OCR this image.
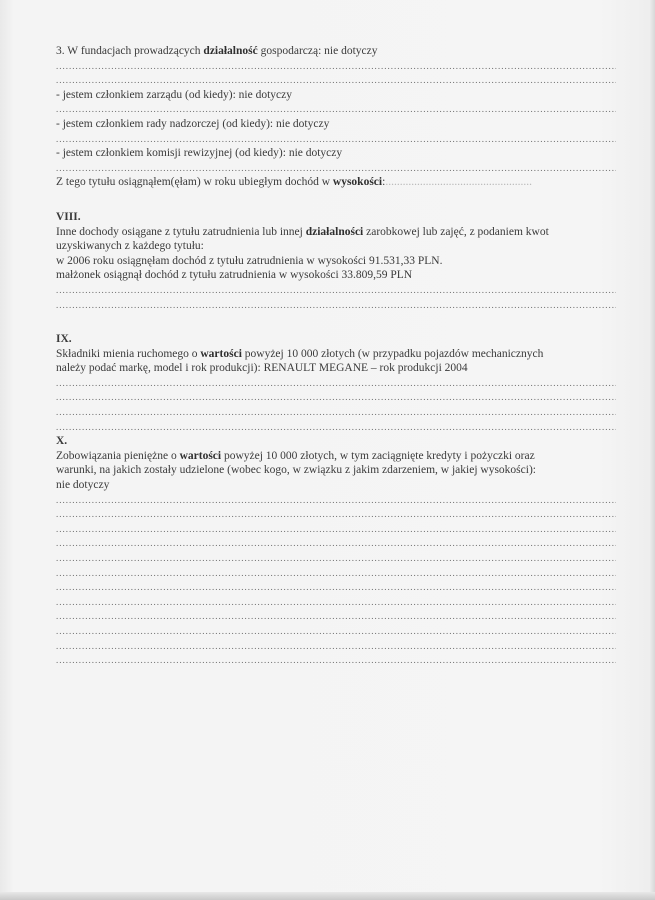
3. W fundacjach prowadzących działalność gospodarczą: nie dotyczy
.....
.....
- jestem członkiem zarządu (od kiedy): nie dotyczy
.....
- jestem członkiem rady nadzorczej (od kiedy): nie dotyczy
.....
- jestem członkiem komisji rewizyjnej (od kiedy): nie dotyczy
.....
Z tego tytułu osiągnąłem(ęłam) w roku ubiegłym dochód w wysokości:...................................................
VIII.
Inne dochody osiągane z tytułu zatrudnienia lub innej działalności zarobkowej lub zajęć, z podaniem kwot
uzyskiwanych z każdego tytułu:
w 2006 roku osiągnęłam dochód z tytułu zatrudnienia w wysokości 91.531,33 PLN.
małżonek osiągnął dochód z tytułu zatrudnienia w wysokości 33.809,59 PLN
.....
.....
IX.
Składniki mienia ruchomego o wartości powyżej 10 000 złotych (w przypadku pojazdów mechanicznych
należy podać markę, model i rok produkcji): RENAULT MEGANE – rok produkcji 2004
.....
.....
.....
.....
X.
Zobowiązania pieniężne o wartości powyżej 10 000 złotych, w tym zaciągnięte kredyty i pożyczki oraz
warunki, na jakich zostały udzielone (wobec kogo, w związku z jakim zdarzeniem, w jakiej wysokości):
nie dotyczy
.....
.....
.....
.....
.....
.....
.....
.....
.....
.....
.....
.....
